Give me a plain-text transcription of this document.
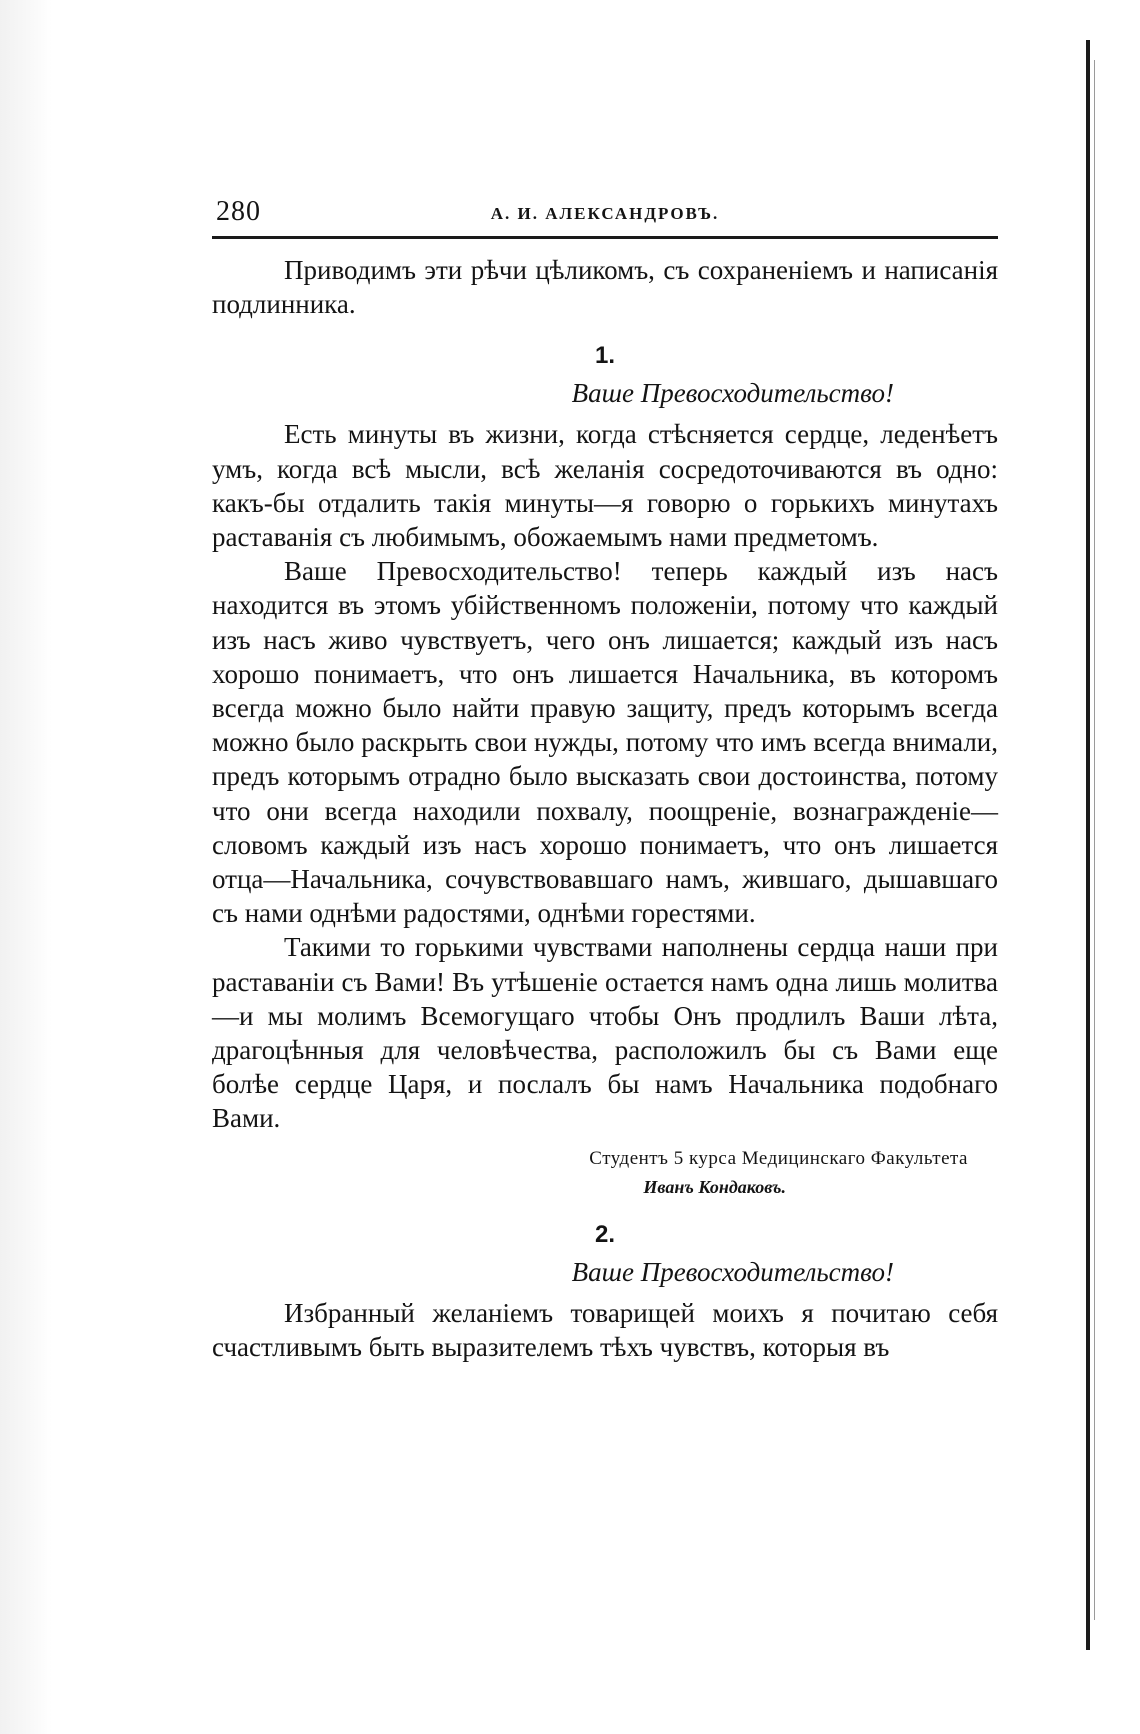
280	А. И. АЛЕКСАНДРОВЪ.

Приводимъ эти рѣчи цѣликомъ, съ сохраненіемъ и написанія подлинника.

1.
Ваше Превосходительство!

Есть минуты въ жизни, когда стѣсняется сердце, леденѣетъ умъ, когда всѣ мысли, всѣ желанія сосредоточиваются въ одно: какъ-бы отдалить такія минуты—я говорю о горькихъ минутахъ раставанія съ любимымъ, обожаемымъ нами предметомъ.

Ваше Превосходительство! теперь каждый изъ насъ находится въ этомъ убійственномъ положеніи, потому что каждый изъ насъ живо чувствуетъ, чего онъ лишается; каждый изъ насъ хорошо понимаетъ, что онъ лишается Начальника, въ которомъ всегда можно было найти правую защиту, предъ которымъ всегда можно было раскрыть свои нужды, потому что имъ всегда внимали, предъ которымъ отрадно было высказать свои достоинства, потому что они всегда находили похвалу, поощреніе, вознагражденіе—словомъ каждый изъ насъ хорошо понимаетъ, что онъ лишается отца—Начальника, сочувствовавшаго намъ, жившаго, дышавшаго съ нами однѣми радостями, однѣми горестями.

Такими то горькими чувствами наполнены сердца наши при раставаніи съ Вами! Въ утѣшеніе остается намъ одна лишь молитва—и мы молимъ Всемогущаго чтобы Онъ продлилъ Ваши лѣта, драгоцѣнныя для человѣчества, расположилъ бы съ Вами еще болѣе сердце Царя, и послалъ бы намъ Начальника подобнаго Вами.

Студентъ 5 курса Медицинскаго Факультета
Иванъ Кондаковъ.
2.
Ваше Превосходительство!

Избранный желаніемъ товарищей моихъ я почитаю себя счастливымъ быть выразителемъ тѣхъ чувствъ, которыя въ
